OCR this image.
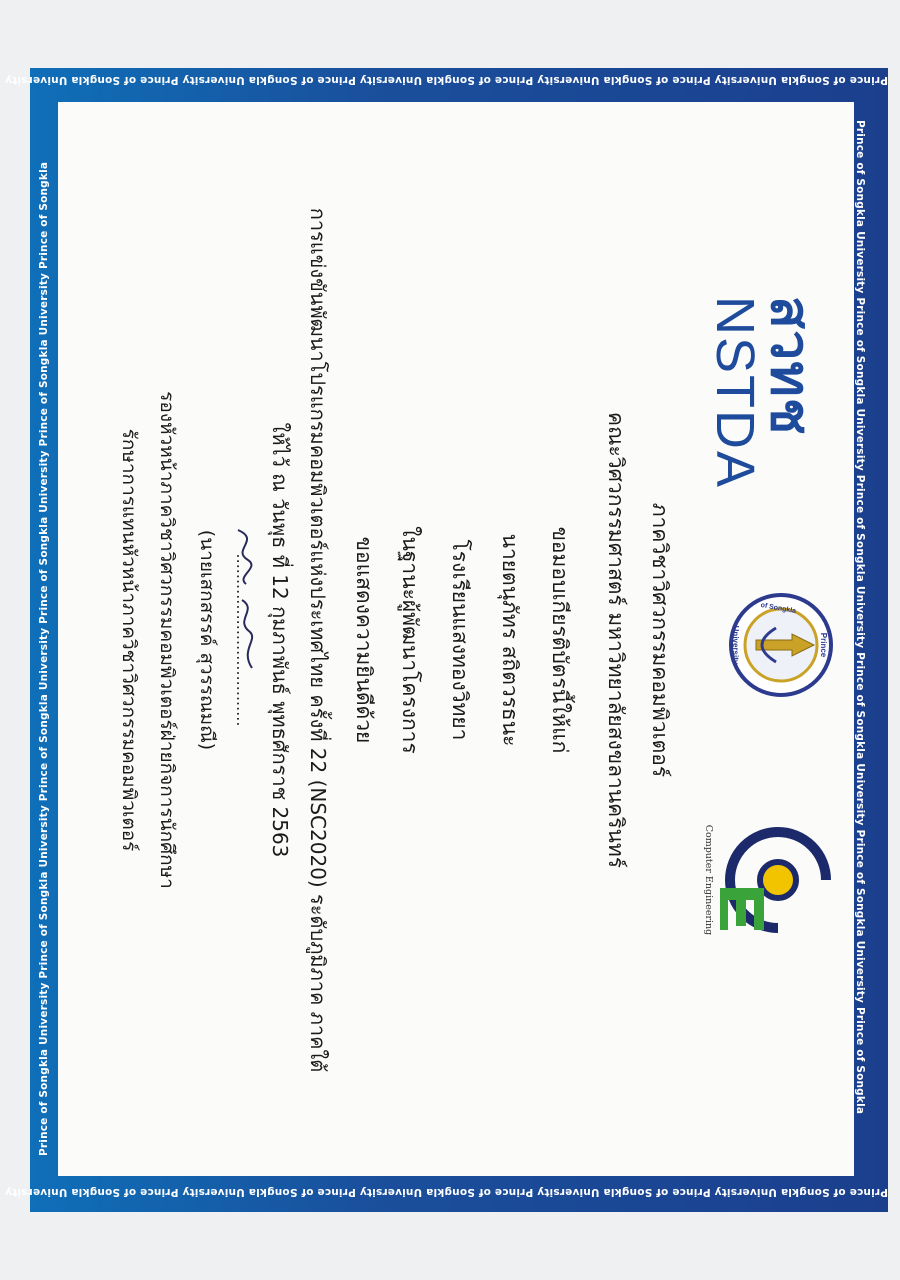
Prince of Songkla University Prince of Songkla University Prince of Songkla University Prince of Songkla University Prince of Songkla University
Prince of Songkla University Prince of Songkla University Prince of Songkla University Prince of Songkla University Prince of Songkla University
Prince of Songkla University Prince of Songkla University Prince of Songkla University Prince of Songkla University Prince of Songkla University Prince of Songkla
Prince of Songkla University Prince of Songkla University Prince of Songkla University Prince of Songkla University Prince of Songkla University Prince of Songkla	สวทช
NSTDA
Prince
of Songkla
University
Computer Engineering
ภาควิชาวิศวกรรมคอมพิวเตอร์
คณะวิศวกรรมศาสตร์ มหาวิทยาลัยสงขลานครินทร์
ขอมอบเกียรติบัตรนี้ให้แก่
นายตนุภัทร สถิตวรธนะ
โรงเรียนแสงทองวิทยา
ในฐานะผู้พัฒนาโครงการ
ขอแสดงความยินดีด้วย
การแข่งขันพัฒนาโปรแกรมคอมพิวเตอร์แห่งประเทศไทย ครั้งที่ 22 (NSC2020) ระดับภูมิภาค ภาคใต้
ให้ไว้ ณ วันพุธ ที่ 12 กุมภาพันธ์ พุทธศักราช 2563
..................................
(นายเสกสรรค์ สุวรรณมณี)
รองหัวหน้าภาควิชาวิศวกรรมคอมพิวเตอร์ฝ่ายกิจการนักศึกษา
รักษาการแทนหัวหน้าภาควิชาวิศวกรรมคอมพิวเตอร์
